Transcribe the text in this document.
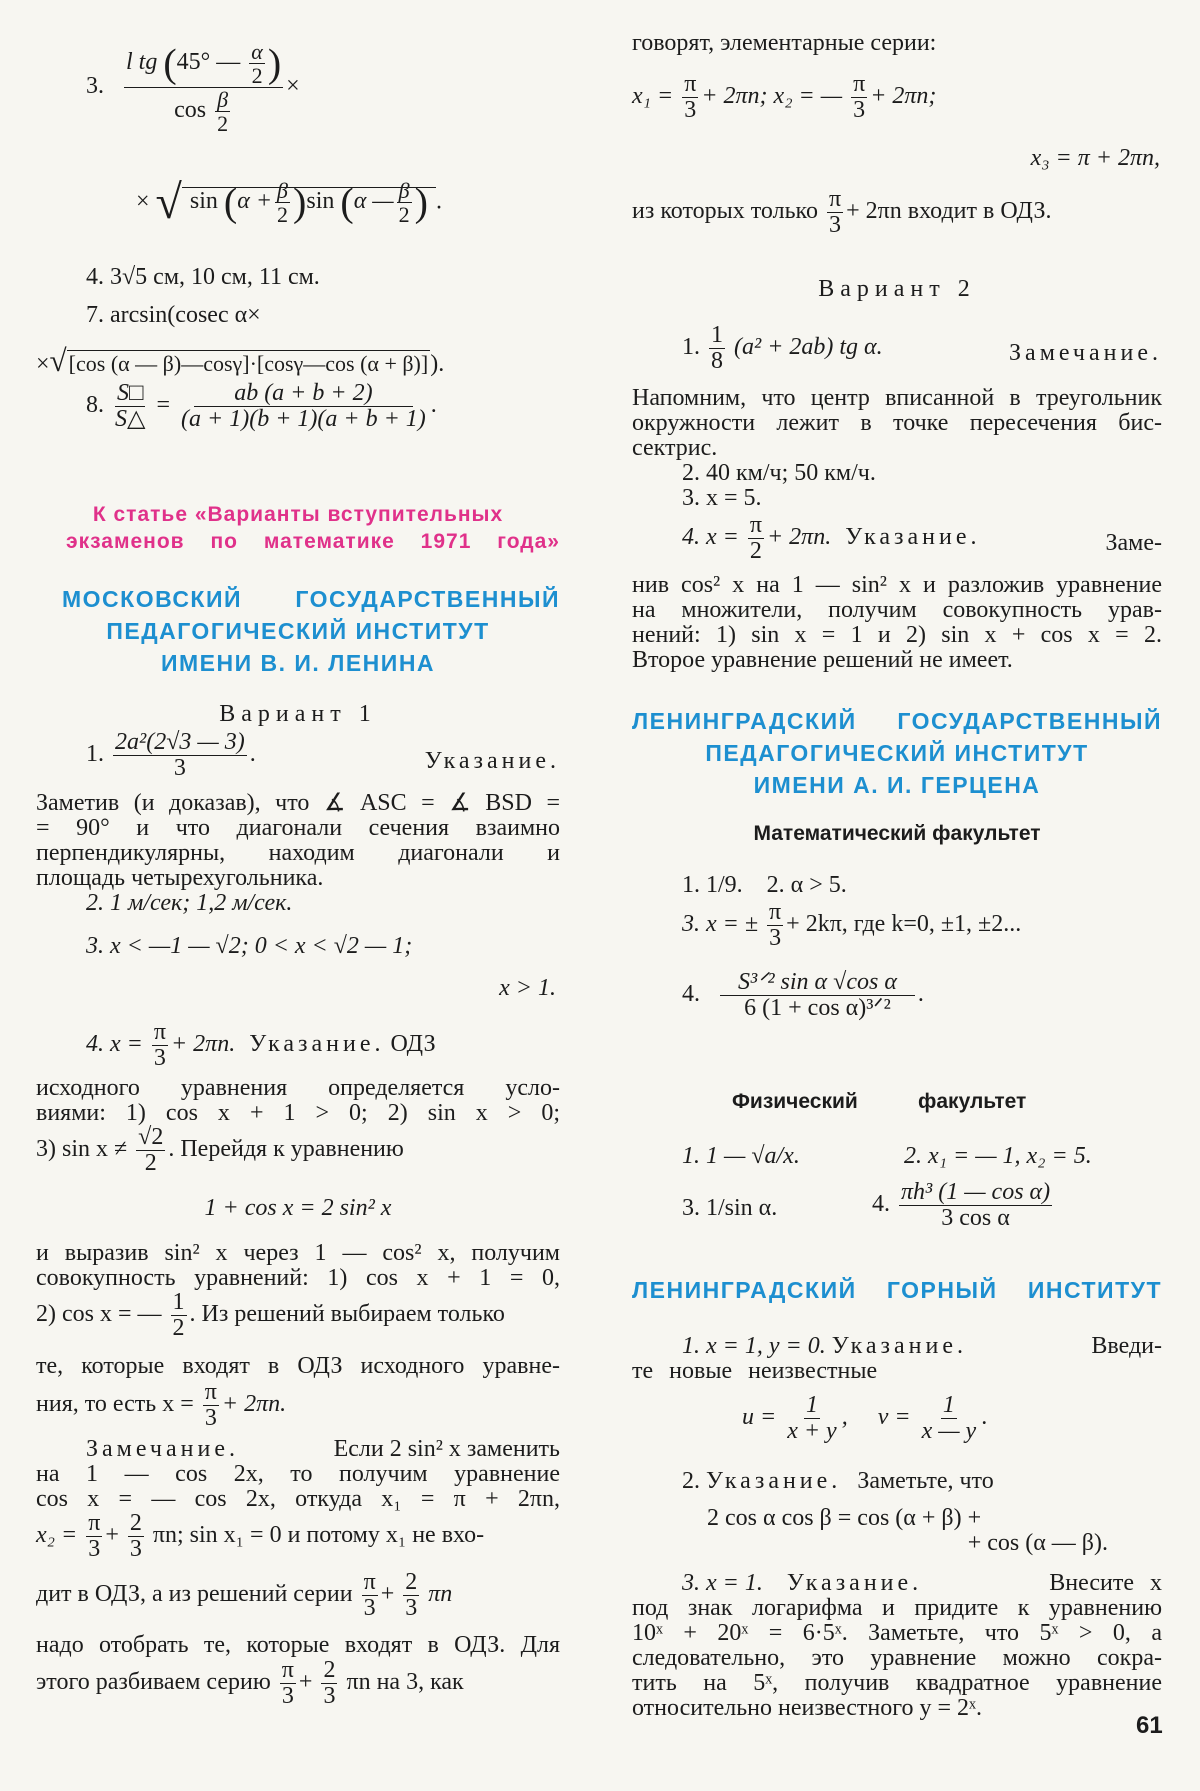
3. $\frac{l tg (45^\circ — \frac{\alpha}{2} )}{\cos \frac{\beta}{2}}$ ×
× √ $\sin (\alpha + \frac{\beta}{2} )\sin$ (α — $\frac{\beta}{2}$ ) .
4. 3√5 см, 10 см, 11 см.
7. arcsin(cosec α×
×√[cos (α — β)—cosγ]·[cosγ—cos (α + β)]).
8. $\frac{S□}{S\triangle} = \frac{ab (a + b + 2)}{(a + 1)(b + 1)(a + b + 1)}$ .
К статье «Варианты вступительных
экзаменов по математике 1971 года»
МОСКОВСКИЙ ГОСУДАРСТВЕННЫЙ
ПЕДАГОГИЧЕСКИЙ ИНСТИТУТ
ИМЕНИ В. И. ЛЕНИНА
Вариант 1
1. $\frac{\text{2a²(2√3 — 3)}}{3}$ .	Указание.
Заметив (и доказав), что ∡ ASC = ∡ BSD =
= 90° и что диагонали сечения взаимно
перпендикулярны, находим диагонали и
площадь четырехугольника.
2. 1 м/сек; 1,2 м/сек.
3. x < —1 — √2; 0 < x < √2 — 1;
x > 1.
4. $x = \frac{\pi}{3} + 2\pi n$. Указание. ОДЗ
исходного уравнения определяется усло-
виями: 1) cos x + 1 > 0; 2) sin x > 0;
3) $\sin x \ne \frac{√2}{2}$ . Перейдя к уравнению
1 + cos x = 2 sin² x
и выразив sin² x через 1 — cos² x, получим
совокупность уравнений: 1) cos x + 1 = 0,
2) cos x = — $\frac{1}{2}$ . Из решений выбираем только
те, которые входят в ОДЗ исходного уравне-
ния, то есть $x = \frac{\pi}{3} + 2\pi n$.
Замечание.	Если 2 sin² x заменить
на 1 — cos 2x, то получим уравнение
cos x = — cos 2x, откуда x₁ = π + 2πn,
$x_2 = \frac{\pi}{3} + \frac{2}{3} \pi n$; sin x₁ = 0 и потому x₁ не вхо-
дит в ОДЗ, а из решений серии $\frac{\pi}{3} + \frac{2}{3}$ πn
надо отобрать те, которые входят в ОДЗ. Для
этого разбиваем серию $\frac{\pi}{3} + \frac{2}{3}$ πn на 3, как
говорят, элементарные серии:
$x_1 = \frac{\pi}{3} + 2\pi n$; x₂ = — $\frac{\pi}{3} + 2\pi n$;
x₃ = π + 2πn,
из которых только $\frac{\pi}{3} + 2\pi n$ входит в ОДЗ.
Вариант 2
1. $\frac{1}{8} (a^2 + 2ab)$ tg α.	Замечание.
Напомним, что центр вписанной в треугольник
окружности лежит в точке пересечения бис-
сектрис.
2. 40 км/ч; 50 км/ч.
3. x = 5.
4. $x = \frac{\pi}{2} + 2\pi n$. Указание.	Заме-
нив cos² x на 1 — sin² x и разложив уравнение
на множители, получим совокупность урав-
нений: 1) sin x = 1 и 2) sin x + cos x = 2.
Второе уравнение решений не имеет.
ЛЕНИНГРАДСКИЙ ГОСУДАРСТВЕННЫЙ
ПЕДАГОГИЧЕСКИЙ ИНСТИТУТ
ИМЕНИ А. И. ГЕРЦЕНА
Математический факультет
1. 1/9.    2. α > 5.
3. x = ± $\frac{\pi}{3} + 2k\pi$, где k=0, ±1, ±2...
4. $\frac{\text{S³ᐟ² sin α √cos α}}{\text{6 (1 + cos α)³ᐟ²}}$ .
Физический	факультет
1. 1 — √a/x.	2. x₁ = — 1, x₂ = 5.
3. 1/sin α.	4. $\frac{\text{πh³ (1 — cos α)}}{\text{3 cos α}}$
ЛЕНИНГРАДСКИЙ ГОРНЫЙ ИНСТИТУТ
1. x = 1, y = 0. Указание.	Введи-
те новые неизвестные
$u = \frac{1}{x + y}$ ,     $v = \frac{1}{x — y}$ .
2. Указание. Заметьте, что
2 cos α cos β = cos (α + β) +
+ cos (α — β).
3. x = 1. Указание.	Внесите x
под знак логарифма и придите к уравнению
10ˣ + 20ˣ = 6·5ˣ. Заметьте, что 5ˣ > 0, а
следовательно, это уравнение можно сокра-
тить на 5ˣ, получив квадратное уравнение
относительно неизвестного y = 2ˣ.
61
